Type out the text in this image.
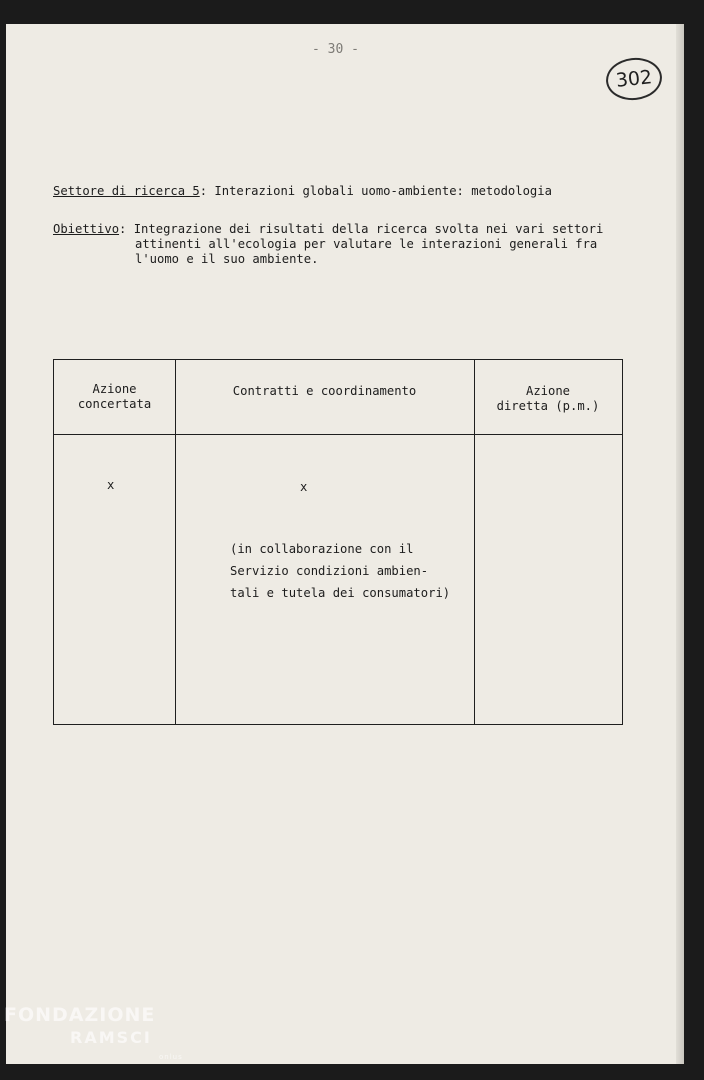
- 30 -
302
Settore di ricerca 5: Interazioni globali uomo-ambiente: metodologia
Obiettivo: Integrazione dei risultati della ricerca svolta nei vari settori
attinenti all'ecologia per valutare le interazioni generali fra
l'uomo e il suo ambiente.
Azione
concertata
Contratti e coordinamento	Azione
diretta (p.m.)
x	x
(in collaborazione con il
Servizio condizioni ambien-
tali e tutela dei consumatori)
FONDAZIONE
RAMSCI
onlus
